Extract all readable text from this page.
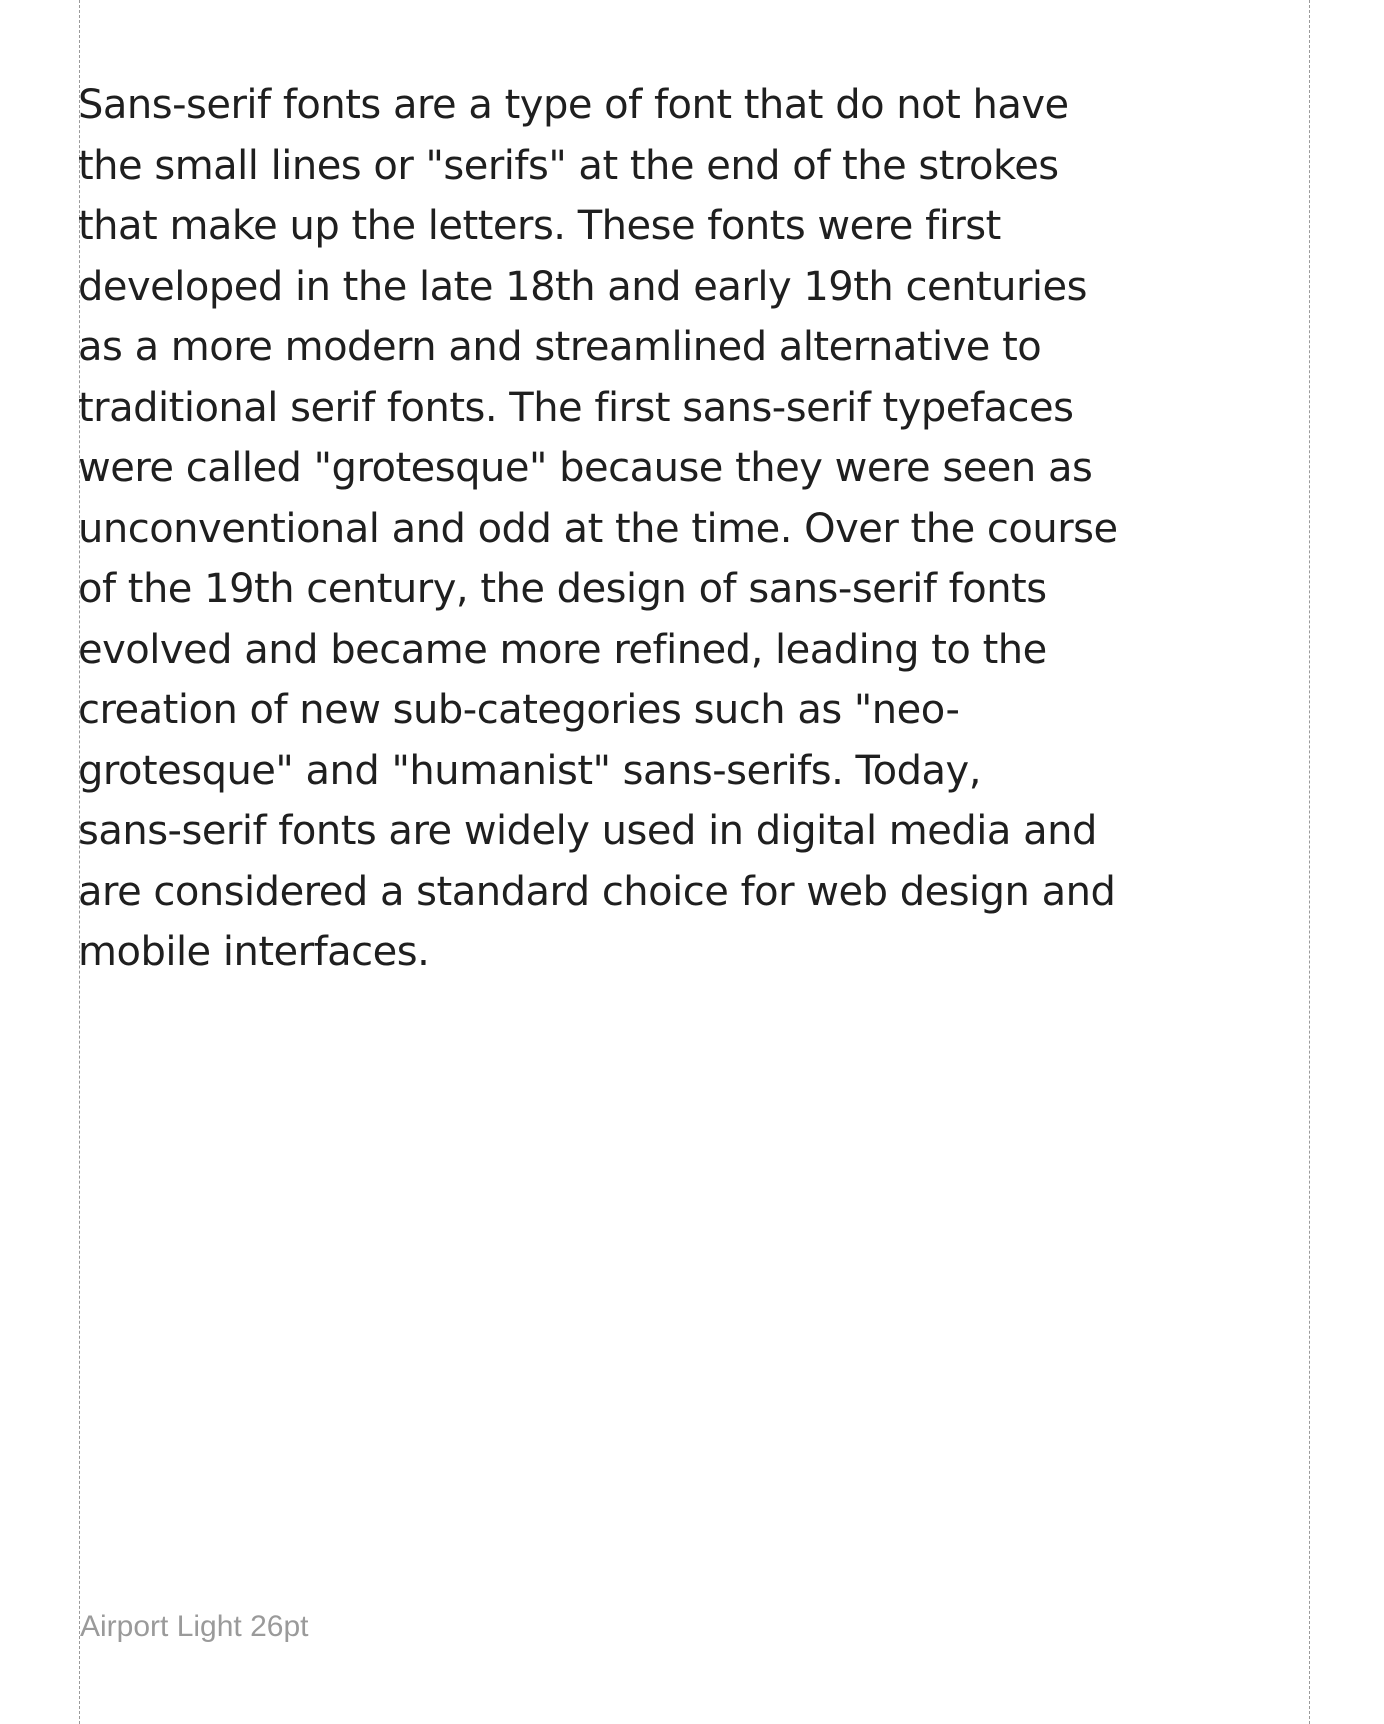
Sans-serif fonts are a type of font that do not have
the small lines or "serifs" at the end of the strokes
that make up the letters. These fonts were first
developed in the late 18th and early 19th centuries
as a more modern and streamlined alternative to
traditional serif fonts. The first sans-serif typefaces
were called "grotesque" because they were seen as
unconventional and odd at the time. Over the course
of the 19th century, the design of sans-serif fonts
evolved and became more refined, leading to the
creation of new sub-categories such as "neo-
grotesque" and "humanist" sans-serifs. Today,
sans-serif fonts are widely used in digital media and
are considered a standard choice for web design and
mobile interfaces.

Airport Light 26pt
